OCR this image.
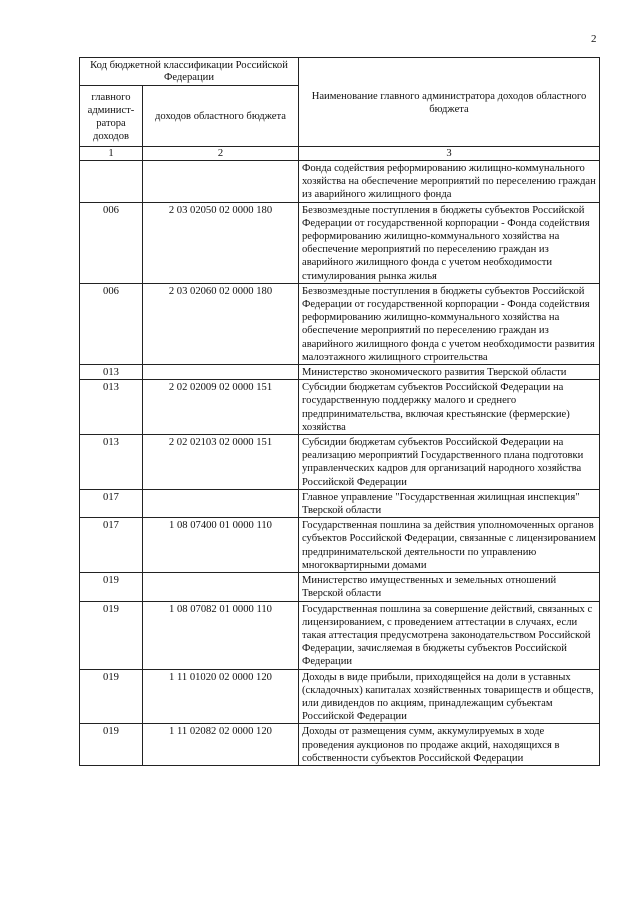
2
Код бюджетной классификации Российской Федерации		Наименование главного администратора доходов областного бюджета
главного админист-ратора доходов	доходов областного бюджета	
1	2	3
		Фонда содействия реформированию жилищно-коммунального хозяйства на обеспечение мероприятий по переселению граждан из аварийного жилищного фонда
006	2 03 02050 02 0000 180	Безвозмездные поступления в бюджеты субъектов Российской Федерации от государственной корпорации - Фонда содействия реформированию жилищно-коммунального хозяйства на обеспечение мероприятий по переселению граждан из аварийного жилищного фонда с учетом необходимости стимулирования рынка жилья
006	2 03 02060 02 0000 180	Безвозмездные поступления в бюджеты субъектов Российской Федерации от государственной корпорации - Фонда содействия реформированию жилищно-коммунального хозяйства на обеспечение мероприятий по переселению граждан из аварийного жилищного фонда с учетом необходимости развития малоэтажного жилищного строительства
013		Министерство экономического развития Тверской области
013	2 02 02009 02 0000 151	Субсидии бюджетам субъектов Российской Федерации на государственную поддержку малого и среднего предпринимательства, включая крестьянские (фермерские) хозяйства
013	2 02 02103 02 0000 151	Субсидии бюджетам субъектов Российской Федерации на реализацию мероприятий Государственного плана подготовки управленческих кадров для организаций народного хозяйства Российской Федерации
017		Главное управление "Государственная жилищная инспекция" Тверской области
017	1 08 07400 01 0000 110	Государственная пошлина за действия уполномоченных органов субъектов Российской Федерации, связанные с лицензированием предпринимательской деятельности по управлению многоквартирными домами
019		Министерство имущественных и земельных отношений Тверской области
019	1 08 07082 01 0000 110	Государственная пошлина за совершение действий, связанных с лицензированием, с проведением аттестации в случаях, если такая аттестация предусмотрена законодательством Российской Федерации, зачисляемая в бюджеты субъектов Российской Федерации
019	1 11 01020 02 0000 120	Доходы в виде прибыли, приходящейся на доли в уставных (складочных) капиталах хозяйственных товариществ и обществ, или дивидендов по акциям, принадлежащим субъектам Российской Федерации
019	1 11 02082 02 0000 120	Доходы от размещения сумм, аккумулируемых в ходе проведения аукционов по продаже акций, находящихся в собственности субъектов Российской Федерации
